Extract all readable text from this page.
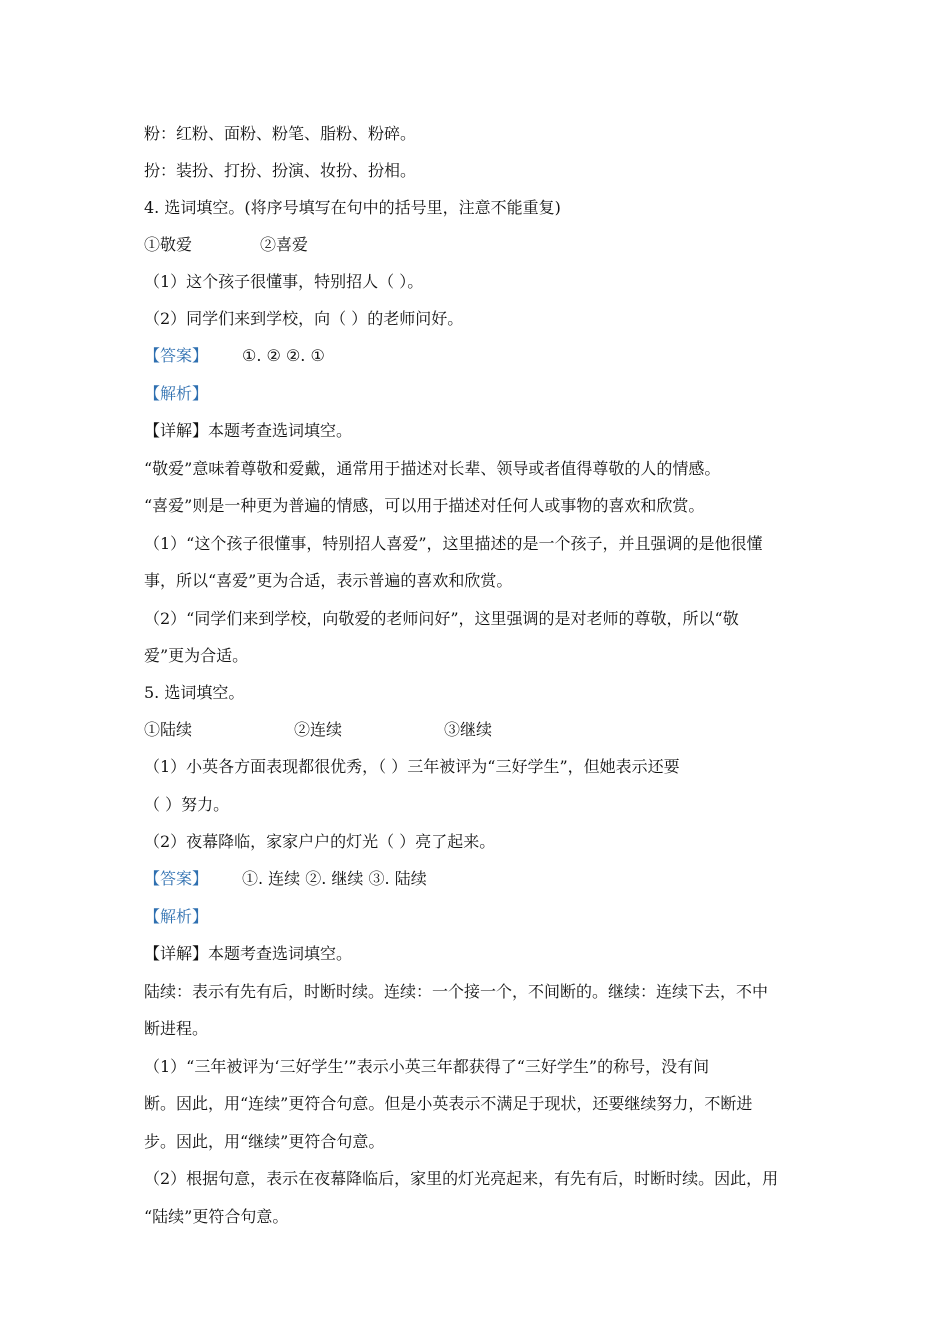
粉：红粉、面粉、粉笔、脂粉、粉碎。
扮：装扮、打扮、扮演、妆扮、扮相。
4. 选词填空。(将序号填写在句中的括号里，注意不能重复)
①敬爱	②喜爱
（1）这个孩子很懂事，特别招人（ ）。
（2）同学们来到学校，向（ ）的老师问好。
【答案】 ①. ② ②. ①
【解析】
【详解】本题考查选词填空。
“敬爱”意味着尊敬和爱戴，通常用于描述对长辈、领导或者值得尊敬的人的情感。
“喜爱”则是一种更为普遍的情感，可以用于描述对任何人或事物的喜欢和欣赏。
（1）“这个孩子很懂事，特别招人喜爱”，这里描述的是一个孩子，并且强调的是他很懂
事，所以“喜爱”更为合适，表示普遍的喜欢和欣赏。
（2）“同学们来到学校，向敬爱的老师问好”，这里强调的是对老师的尊敬，所以“敬
爱”更为合适。
5. 选词填空。
①陆续	②连续	③继续
（1）小英各方面表现都很优秀，（ ）三年被评为“三好学生”，但她表示还要
（ ）努力。
（2）夜幕降临，家家户户的灯光（ ）亮了起来。
【答案】 ①. 连续 ②. 继续 ③. 陆续
【解析】
【详解】本题考查选词填空。
陆续：表示有先有后，时断时续。连续：一个接一个，不间断的。继续：连续下去，不中
断进程。
（1）“三年被评为‘三好学生’”表示小英三年都获得了“三好学生”的称号，没有间
断。因此，用“连续”更符合句意。但是小英表示不满足于现状，还要继续努力，不断进
步。因此，用“继续”更符合句意。
（2）根据句意，表示在夜幕降临后，家里的灯光亮起来，有先有后，时断时续。因此，用
“陆续”更符合句意。
